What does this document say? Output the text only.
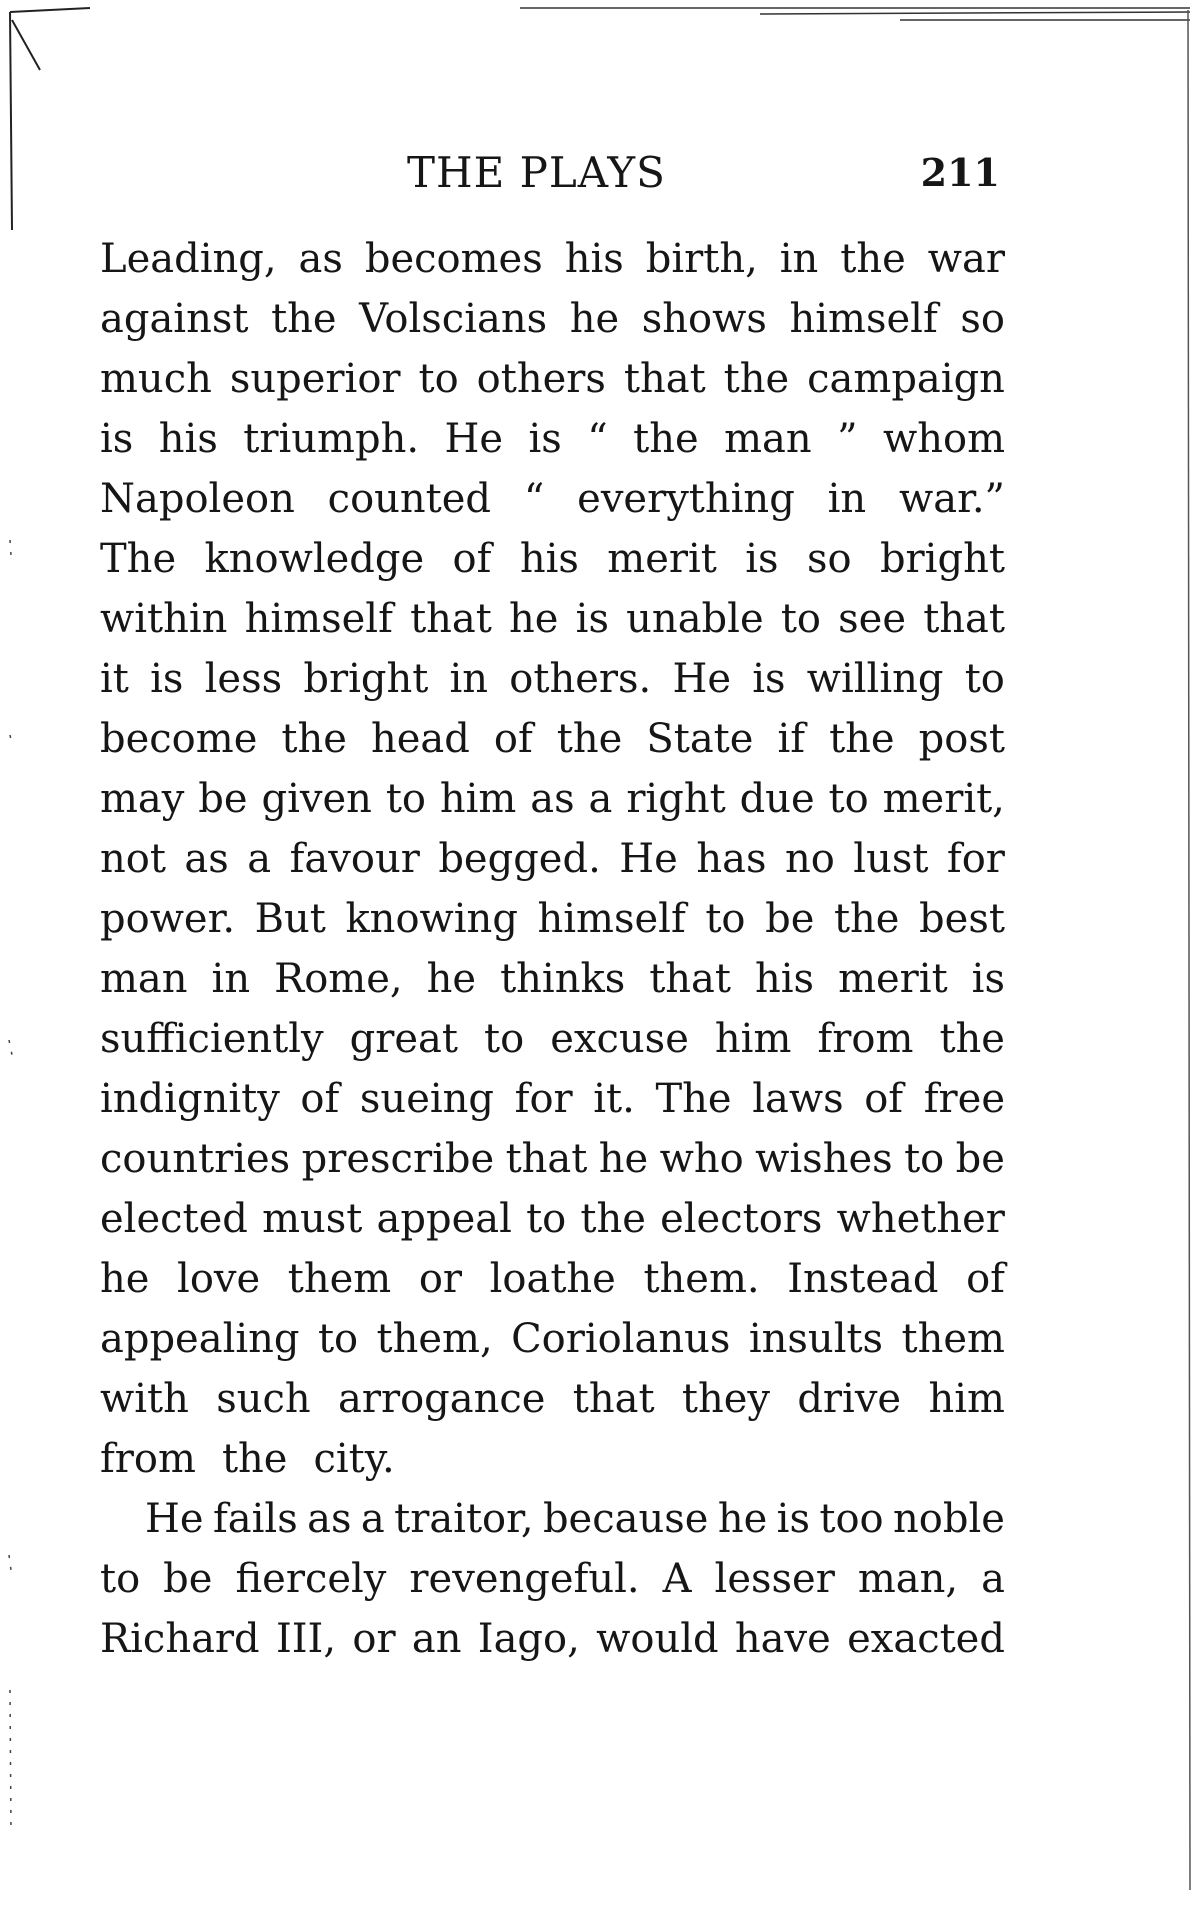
THE PLAYS	211
Leading, as becomes his birth, in the war
against the Volscians he shows himself so
much superior to others that the campaign
is his triumph. He is “ the man ” whom
Napoleon counted “ everything in war.”
The knowledge of his merit is so bright
within himself that he is unable to see that
it is less bright in others. He is willing to
become the head of the State if the post
may be given to him as a right due to merit,
not as a favour begged. He has no lust for
power. But knowing himself to be the best
man in Rome, he thinks that his merit is
sufficiently great to excuse him from the
indignity of sueing for it. The laws of free
countries prescribe that he who wishes to be
elected must appeal to the electors whether
he love them or loathe them. Instead of
appealing to them, Coriolanus insults them
with such arrogance that they drive him
from the city.
He fails as a traitor, because he is too noble
to be fiercely revengeful. A lesser man, a
Richard III, or an Iago, would have exacted
